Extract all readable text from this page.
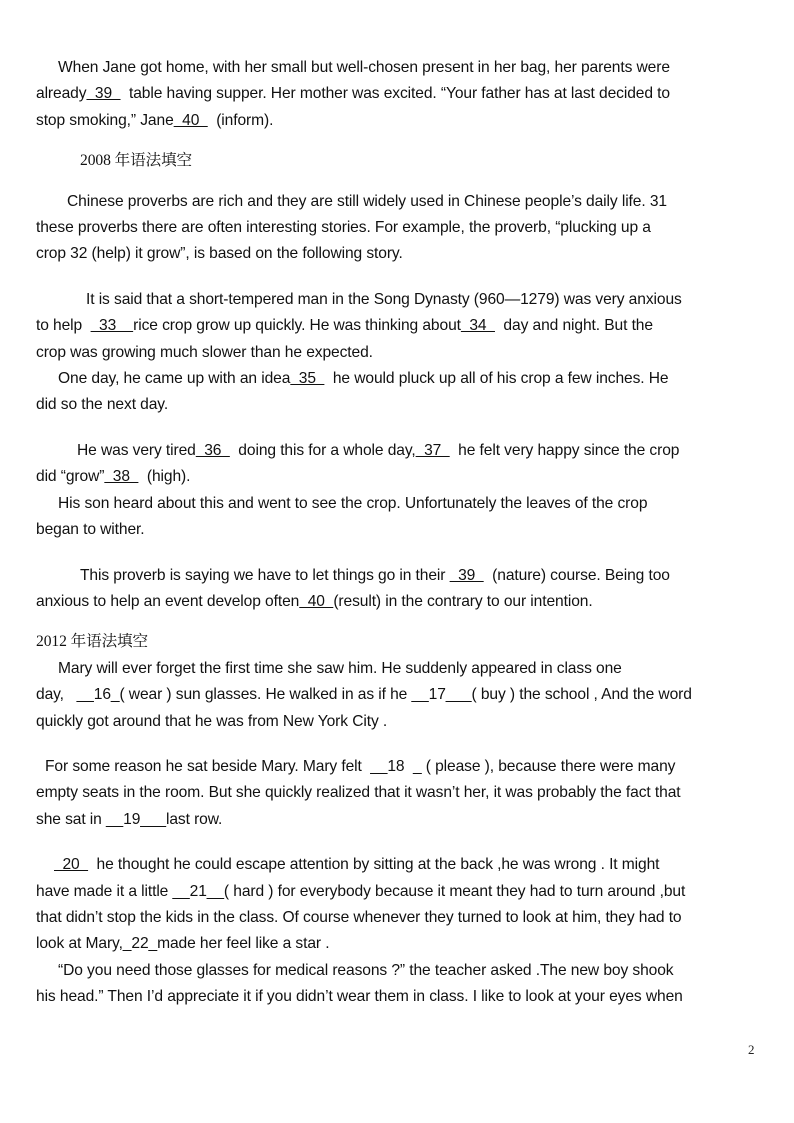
When Jane got home, with her small but well-chosen present in her bag, her parents were
already  39    table having supper. Her mother was excited. “Your father has at last decided to
stop smoking,” Jane  40    (inform).

2008 年语法填空

Chinese proverbs are rich and they are still widely used in Chinese people’s daily life. 31
these proverbs there are often interesting stories. For example, the proverb, “plucking up a
crop 32 (help) it grow”, is based on the following story.

It is said that a short-tempered man in the Song Dynasty (960—1279) was very anxious
to help    33    rice crop grow up quickly. He was thinking about  34    day and night. But the
crop was growing much slower than he expected.

One day, he came up with an idea  35    he would pluck up all of his crop a few inches. He
did so the next day.

He was very tired  36    doing this for a whole day,  37    he felt very happy since the crop
did “grow”  38    (high).

His son heard about this and went to see the crop. Unfortunately the leaves of the crop
began to wither.

This proverb is saying we have to let things go in their   39    (nature) course. Being too
anxious to help an event develop often  40  (result) in the contrary to our intention.

2012 年语法填空

Mary will ever forget the first time she saw him. He suddenly appeared in class one
day,   __16_( wear ) sun glasses. He walked in as if he __17___( buy ) the school , And the word
quickly got around that he was from New York City .

For some reason he sat beside Mary. Mary felt  __18  _ ( please ), because there were many
empty seats in the room. But she quickly realized that it wasn’t her, it was probably the fact that
she sat in __19___last row.

20    he thought he could escape attention by sitting at the back ,he was wrong . It might
have made it a little __21__( hard ) for everybody because it meant they had to turn around ,but
that didn’t stop the kids in the class. Of course whenever they turned to look at him, they had to
look at Mary,_22_made her feel like a star .

“Do you need those glasses for medical reasons ?” the teacher asked .The new boy shook
his head.” Then I’d appreciate it if you didn’t wear them in class. I like to look at your eyes when

2
